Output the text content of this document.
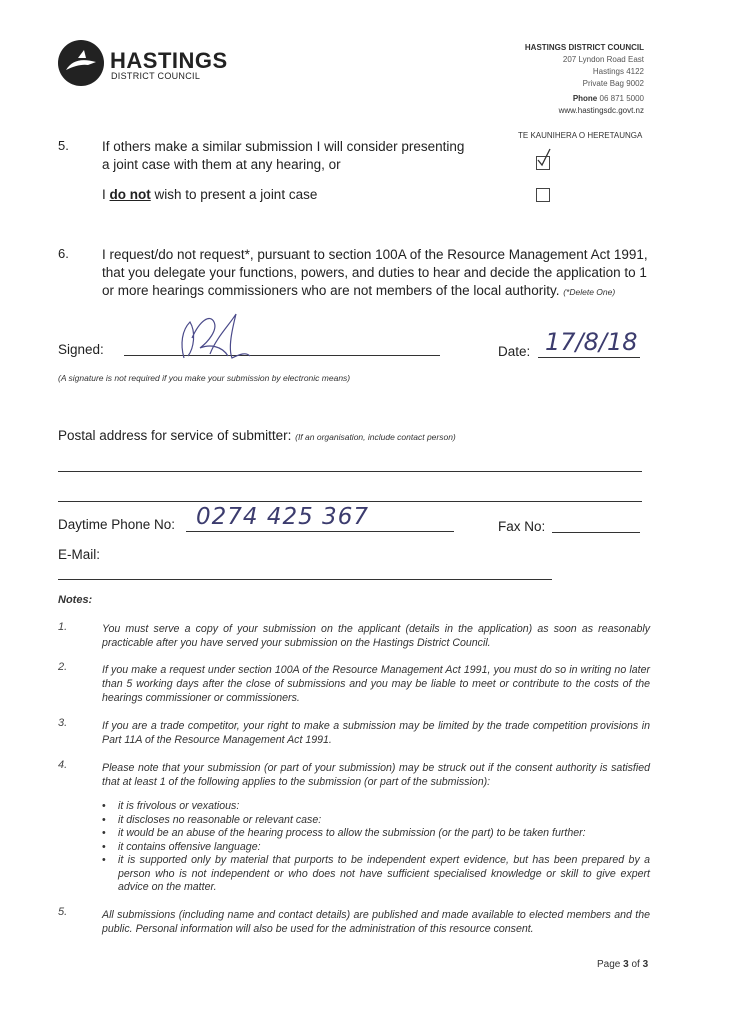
HASTINGS
DISTRICT COUNCIL
HASTINGS DISTRICT COUNCIL
207 Lyndon Road East
Hastings 4122
Private Bag 9002
Phone 06 871 5000
www.hastingsdc.govt.nz
TE KAUNIHERA O HERETAUNGA
5. If others make a similar submission I will consider presenting
a joint case with them at any hearing, or
I do not wish to present a joint case
6. I request/do not request*, pursuant to section 100A of the Resource Management Act 1991,
that you delegate your functions, powers, and duties to hear and decide the application to 1
or more hearings commissioners who are not members of the local authority. (*Delete One)
Signed:	Date: 17/8/18
(A signature is not required if you make your submission by electronic means)
Postal address for service of submitter: (If an organisation, include contact person)
Daytime Phone No: 0274 425 367	Fax No:
E-Mail:
Notes:
1.	You must serve a copy of your submission on the applicant (details in the application) as soon as reasonably practicable after you have served your submission on the Hastings District Council.
2.	If you make a request under section 100A of the Resource Management Act 1991, you must do so in writing no later than 5 working days after the close of submissions and you may be liable to meet or contribute to the costs of the hearings commissioner or commissioners.
3.	If you are a trade competitor, your right to make a submission may be limited by the trade competition provisions in Part 11A of the Resource Management Act 1991.
4.	Please note that your submission (or part of your submission) may be struck out if the consent authority is satisfied that at least 1 of the following applies to the submission (or part of the submission):
• it is frivolous or vexatious:
• it discloses no reasonable or relevant case:
• it would be an abuse of the hearing process to allow the submission (or the part) to be taken further:
• it contains offensive language:
• it is supported only by material that purports to be independent expert evidence, but has been prepared by a person who is not independent or who does not have sufficient specialised knowledge or skill to give expert advice on the matter.
5.	All submissions (including name and contact details) are published and made available to elected members and the public. Personal information will also be used for the administration of this resource consent.
Page 3 of 3
